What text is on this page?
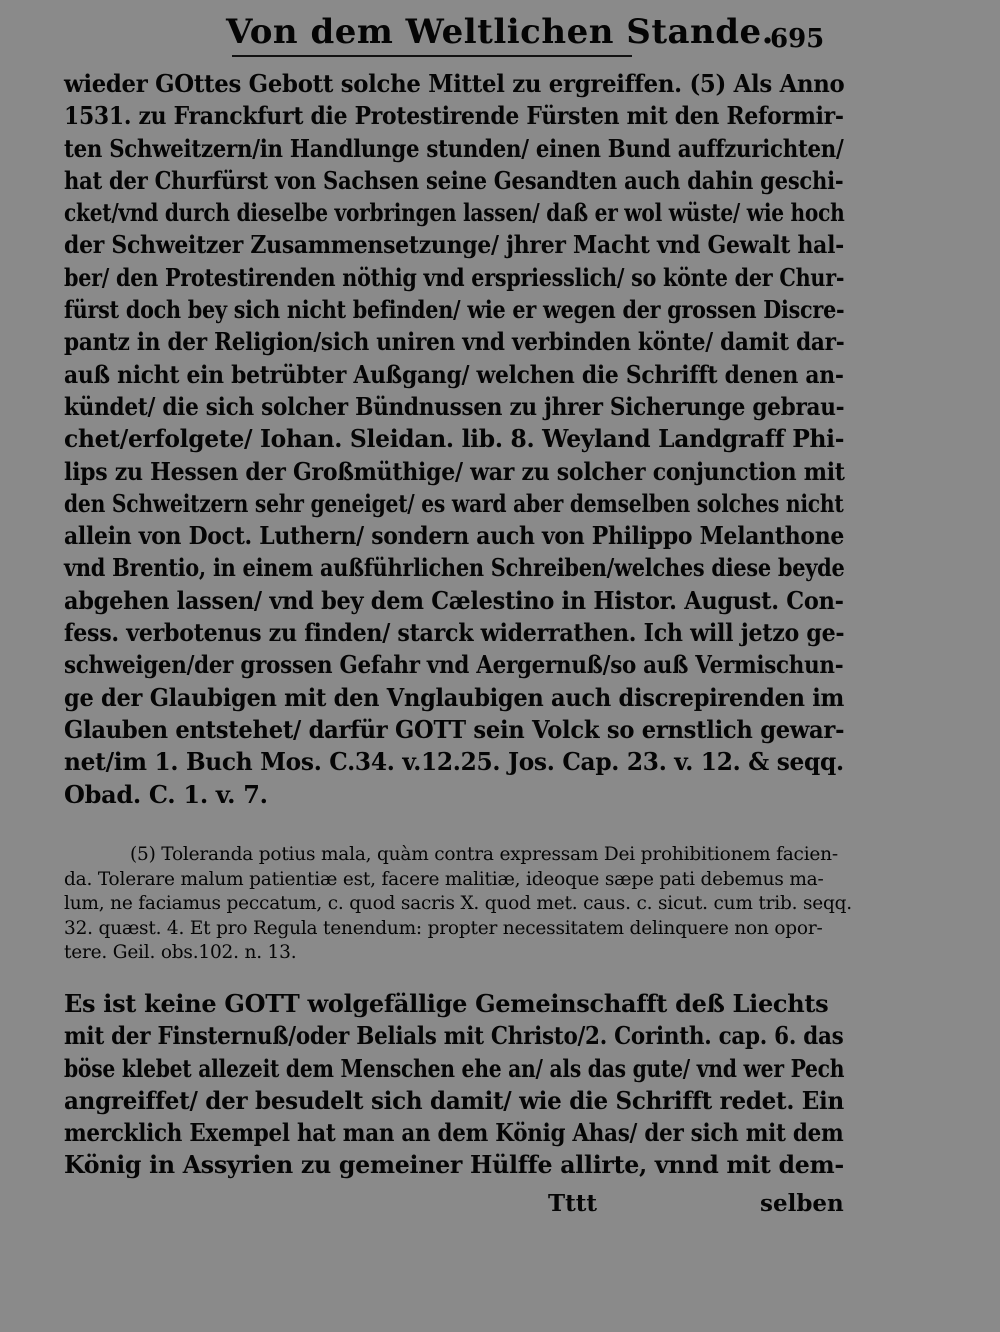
Von dem Weltlichen Stande.
695
wieder GOttes Gebott solche Mittel zu ergreiffen. (5) Als Anno
1531. zu Franckfurt die Protestirende Fürsten mit den Reformir-
ten Schweitzern/in Handlunge stunden/ einen Bund auffzurichten/
hat der Churfürst von Sachsen seine Gesandten auch dahin geschi-
cket/vnd durch dieselbe vorbringen lassen/ daß er wol wüste/ wie hoch
der Schweitzer Zusammensetzunge/ jhrer Macht vnd Gewalt hal-
ber/ den Protestirenden nöthig vnd erspriesslich/ so könte der Chur-
fürst doch bey sich nicht befinden/ wie er wegen der grossen Discre-
pantz in der Religion/sich uniren vnd verbinden könte/ damit dar-
auß nicht ein betrübter Außgang/ welchen die Schrifft denen an-
kündet/ die sich solcher Bündnussen zu jhrer Sicherunge gebrau-
chet/erfolgete/ Iohan. Sleidan. lib. 8. Weyland Landgraff Phi-
lips zu Hessen der Großmüthige/ war zu solcher conjunction mit
den Schweitzern sehr geneiget/ es ward aber demselben solches nicht
allein von Doct. Luthern/ sondern auch von Philippo Melanthone
vnd Brentio, in einem außführlichen Schreiben/welches diese beyde
abgehen lassen/ vnd bey dem Cælestino in Histor. August. Con-
fess. verbotenus zu finden/ starck widerrathen. Ich will jetzo ge-
schweigen/der grossen Gefahr vnd Aergernuß/so auß Vermischun-
ge der Glaubigen mit den Vnglaubigen auch discrepirenden im
Glauben entstehet/ darfür GOTT sein Volck so ernstlich gewar-
net/im 1. Buch Mos. C.34. v.12.25. Jos. Cap. 23. v. 12. & seqq.
Obad. C. 1. v. 7.
(5) Toleranda potius mala, quàm contra expressam Dei prohibitionem facien-
da. Tolerare malum patientiæ est, facere malitiæ, ideoque sæpe pati debemus ma-
lum, ne faciamus peccatum, c. quod sacris X. quod met. caus. c. sicut. cum trib. seqq.
32. quæst. 4. Et pro Regula tenendum: propter necessitatem delinquere non opor-
tere. Geil. obs.102. n. 13.
Es ist keine GOTT wolgefällige Gemeinschafft deß Liechts
mit der Finsternuß/oder Belials mit Christo/2. Corinth. cap. 6. das
böse klebet allezeit dem Menschen ehe an/ als das gute/ vnd wer Pech
angreiffet/ der besudelt sich damit/ wie die Schrifft redet. Ein
mercklich Exempel hat man an dem König Ahas/ der sich mit dem
König in Assyrien zu gemeiner Hülffe allirte, vnnd mit dem-
Tttt	selben
